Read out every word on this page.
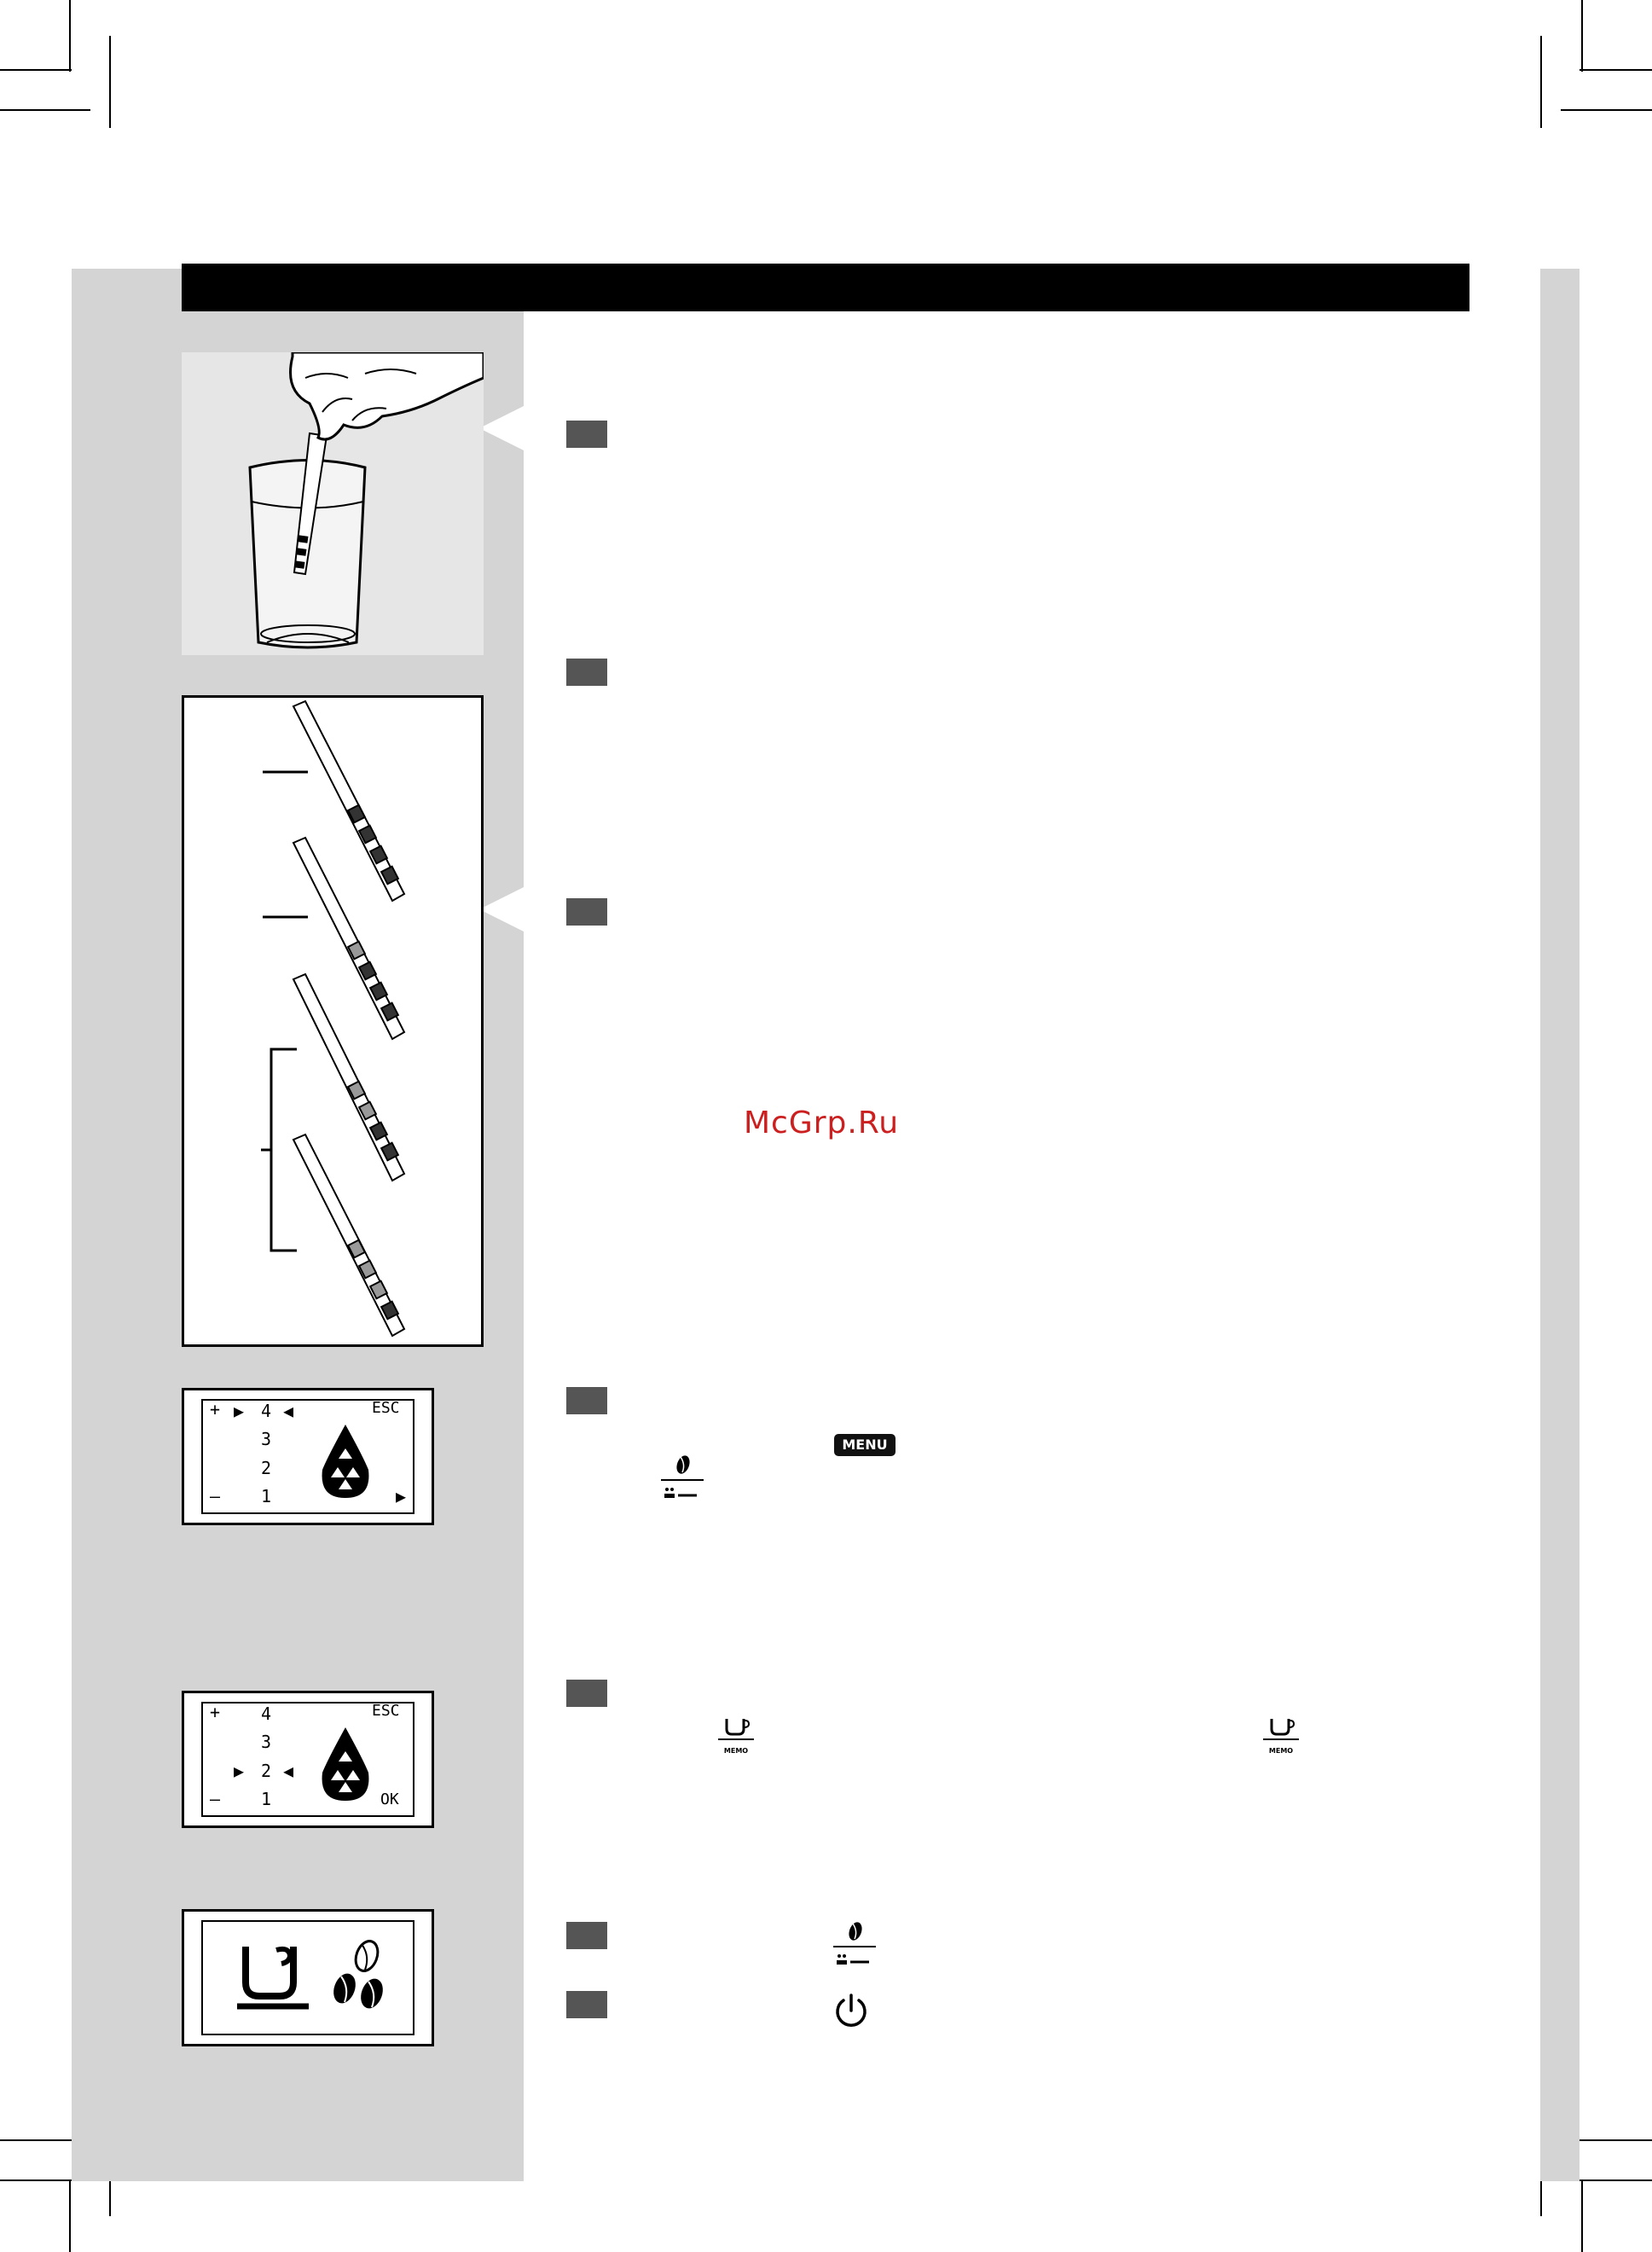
+ ▶ 4 ◀
3
2
– 1
ESC
▶
+ 4
3
▶ 2 ◀
– 1
ESC
OK
McGrp.Ru
MENU
MEMO	MEMO
